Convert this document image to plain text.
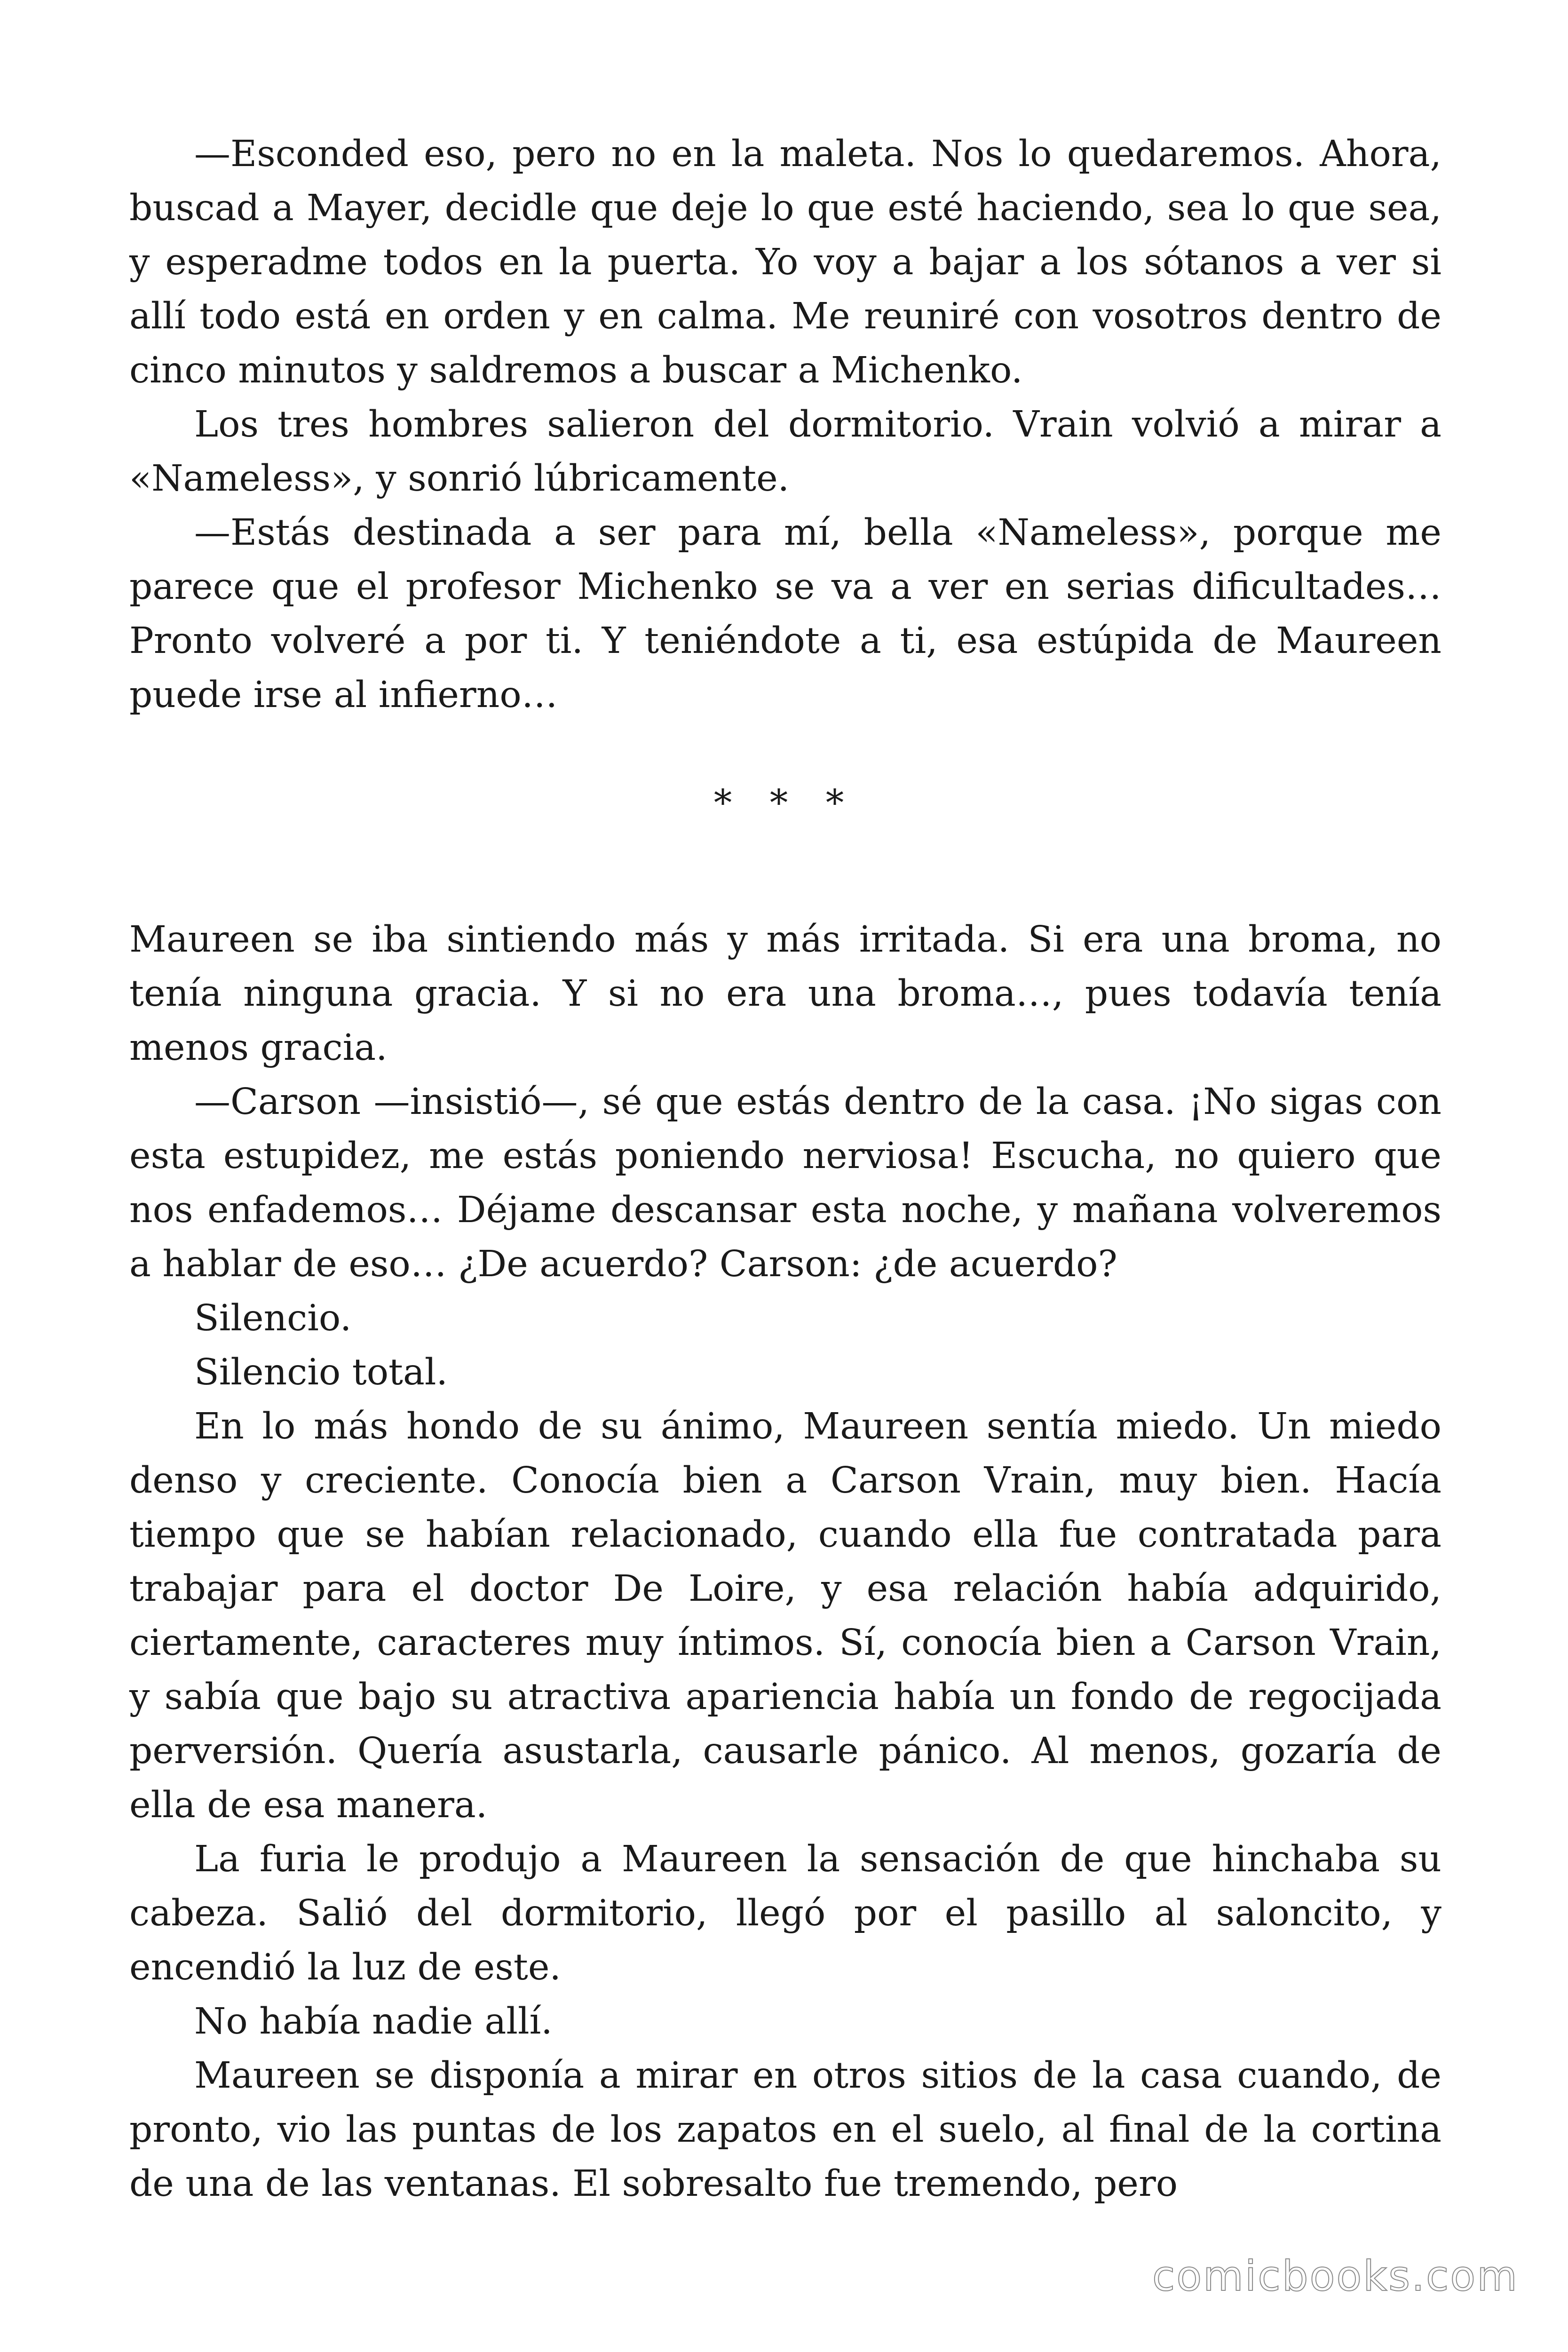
—Esconded eso, pero no en la maleta. Nos lo quedaremos. Ahora, buscad a Mayer, decidle que deje lo que esté haciendo, sea lo que sea, y esperadme todos en la puerta. Yo voy a bajar a los sótanos a ver si allí todo está en orden y en calma. Me reuniré con vosotros dentro de cinco minutos y saldremos a buscar a Michenko.

Los tres hombres salieron del dormitorio. Vrain volvió a mirar a «Nameless», y sonrió lúbricamente.

—Estás destinada a ser para mí, bella «Nameless», porque me parece que el profesor Michenko se va a ver en serias dificultades… Pronto volveré a por ti. Y teniéndote a ti, esa estúpida de Maureen puede irse al infierno…

* * *

Maureen se iba sintiendo más y más irritada. Si era una broma, no tenía ninguna gracia. Y si no era una broma…, pues todavía tenía menos gracia.

—Carson —insistió—, sé que estás dentro de la casa. ¡No sigas con esta estupidez, me estás poniendo nerviosa! Escucha, no quiero que nos enfademos… Déjame descansar esta noche, y mañana volveremos a hablar de eso… ¿De acuerdo? Carson: ¿de acuerdo?

Silencio.

Silencio total.

En lo más hondo de su ánimo, Maureen sentía miedo. Un miedo denso y creciente. Conocía bien a Carson Vrain, muy bien. Hacía tiempo que se habían relacionado, cuando ella fue contratada para trabajar para el doctor De Loire, y esa relación había adquirido, ciertamente, caracteres muy íntimos. Sí, conocía bien a Carson Vrain, y sabía que bajo su atractiva apariencia había un fondo de regocijada perversión. Quería asustarla, causarle pánico. Al menos, gozaría de ella de esa manera.

La furia le produjo a Maureen la sensación de que hinchaba su cabeza. Salió del dormitorio, llegó por el pasillo al saloncito, y encendió la luz de este.

No había nadie allí.

Maureen se disponía a mirar en otros sitios de la casa cuando, de pronto, vio las puntas de los zapatos en el suelo, al final de la cortina de una de las ventanas. El sobresalto fue tremendo, pero

comicbooks.com
